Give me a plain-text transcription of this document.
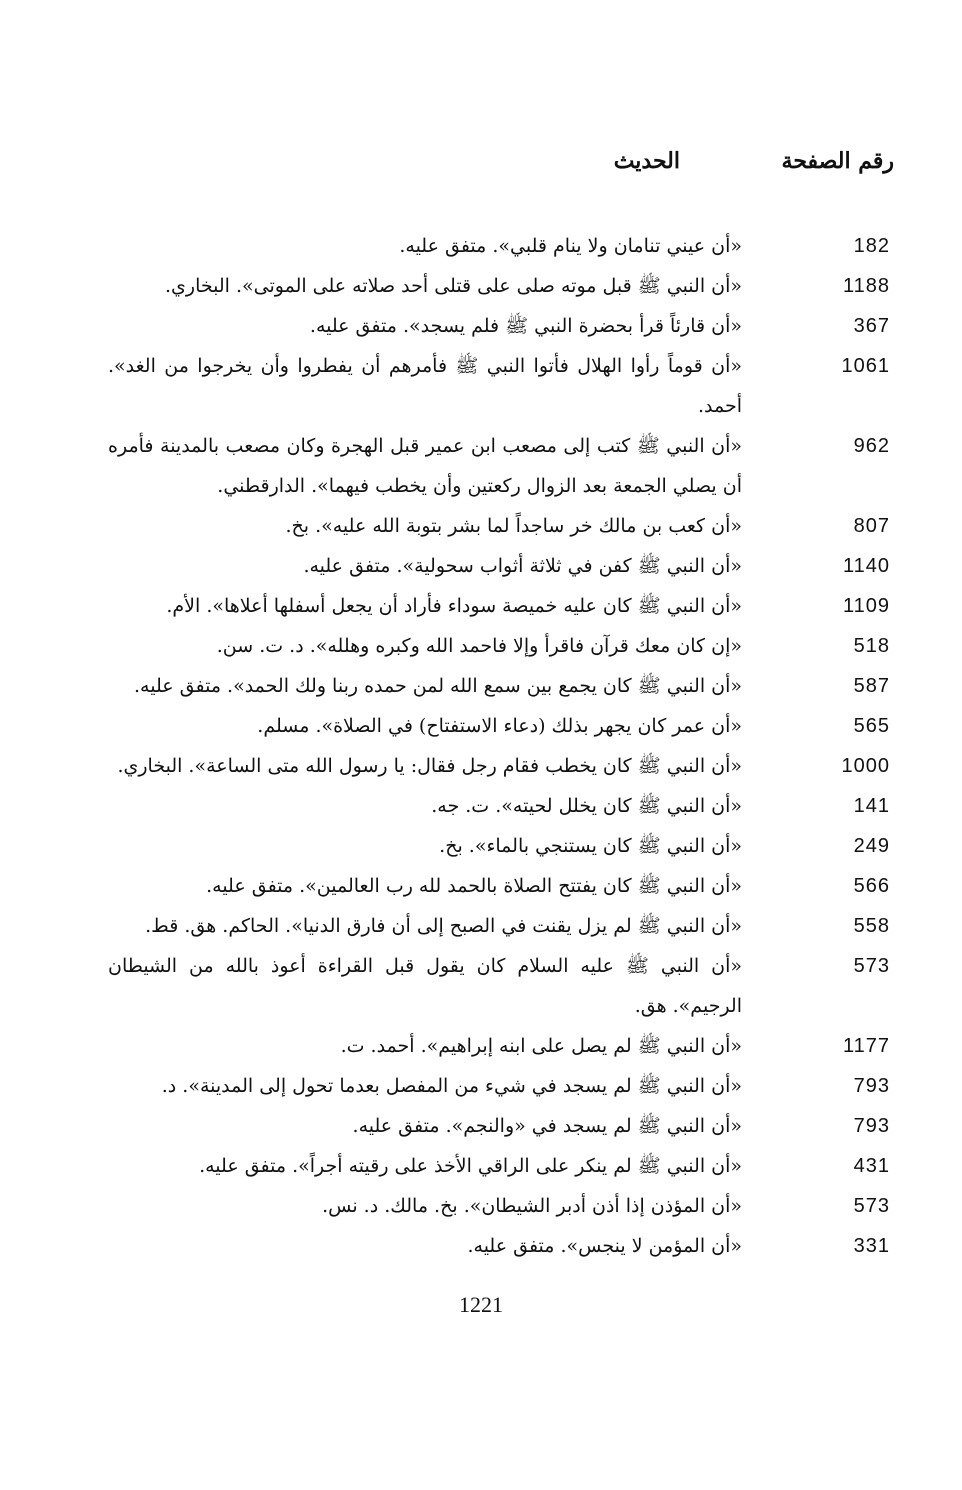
رقم الصفحة
الحديث
182
«أن عيني تنامان ولا ينام قلبي». متفق عليه.
1188
«أن النبي ﷺ قبل موته صلى على قتلى أحد صلاته على الموتى». البخاري.
367
«أن قارئاً قرأ بحضرة النبي ﷺ فلم يسجد». متفق عليه.
1061
«أن قوماً رأوا الهلال فأتوا النبي ﷺ فأمرهم أن يفطروا وأن يخرجوا من الغد». أحمد.
962
«أن النبي ﷺ كتب إلى مصعب ابن عمير قبل الهجرة وكان مصعب بالمدينة فأمره أن يصلي الجمعة بعد الزوال ركعتين وأن يخطب فيهما». الدارقطني.
807
«أن كعب بن مالك خر ساجداً لما بشر بتوبة الله عليه». بخ.
1140
«أن النبي ﷺ كفن في ثلاثة أثواب سحولية». متفق عليه.
1109
«أن النبي ﷺ كان عليه خميصة سوداء فأراد أن يجعل أسفلها أعلاها». الأم.
518
«إن كان معك قرآن فاقرأ وإلا فاحمد الله وكبره وهلله». د. ت. سن.
587
«أن النبي ﷺ كان يجمع بين سمع الله لمن حمده ربنا ولك الحمد». متفق عليه.
565
«أن عمر كان يجهر بذلك (دعاء الاستفتاح) في الصلاة». مسلم.
1000
«أن النبي ﷺ كان يخطب فقام رجل فقال: يا رسول الله متى الساعة». البخاري.
141
«أن النبي ﷺ كان يخلل لحيته». ت. جه.
249
«أن النبي ﷺ كان يستنجي بالماء». بخ.
566
«أن النبي ﷺ كان يفتتح الصلاة بالحمد لله رب العالمين». متفق عليه.
558
«أن النبي ﷺ لم يزل يقنت في الصبح إلى أن فارق الدنيا». الحاكم. هق. قط.
573
«أن النبي ﷺ عليه السلام كان يقول قبل القراءة أعوذ بالله من الشيطان الرجيم». هق.
1177
«أن النبي ﷺ لم يصل على ابنه إبراهيم». أحمد. ت.
793
«أن النبي ﷺ لم يسجد في شيء من المفصل بعدما تحول إلى المدينة». د.
793
«أن النبي ﷺ لم يسجد في «والنجم». متفق عليه.
431
«أن النبي ﷺ لم ينكر على الراقي الأخذ على رقيته أجراً». متفق عليه.
573
«أن المؤذن إذا أذن أدبر الشيطان». بخ. مالك. د. نس.
331
«أن المؤمن لا ينجس». متفق عليه.
1221
